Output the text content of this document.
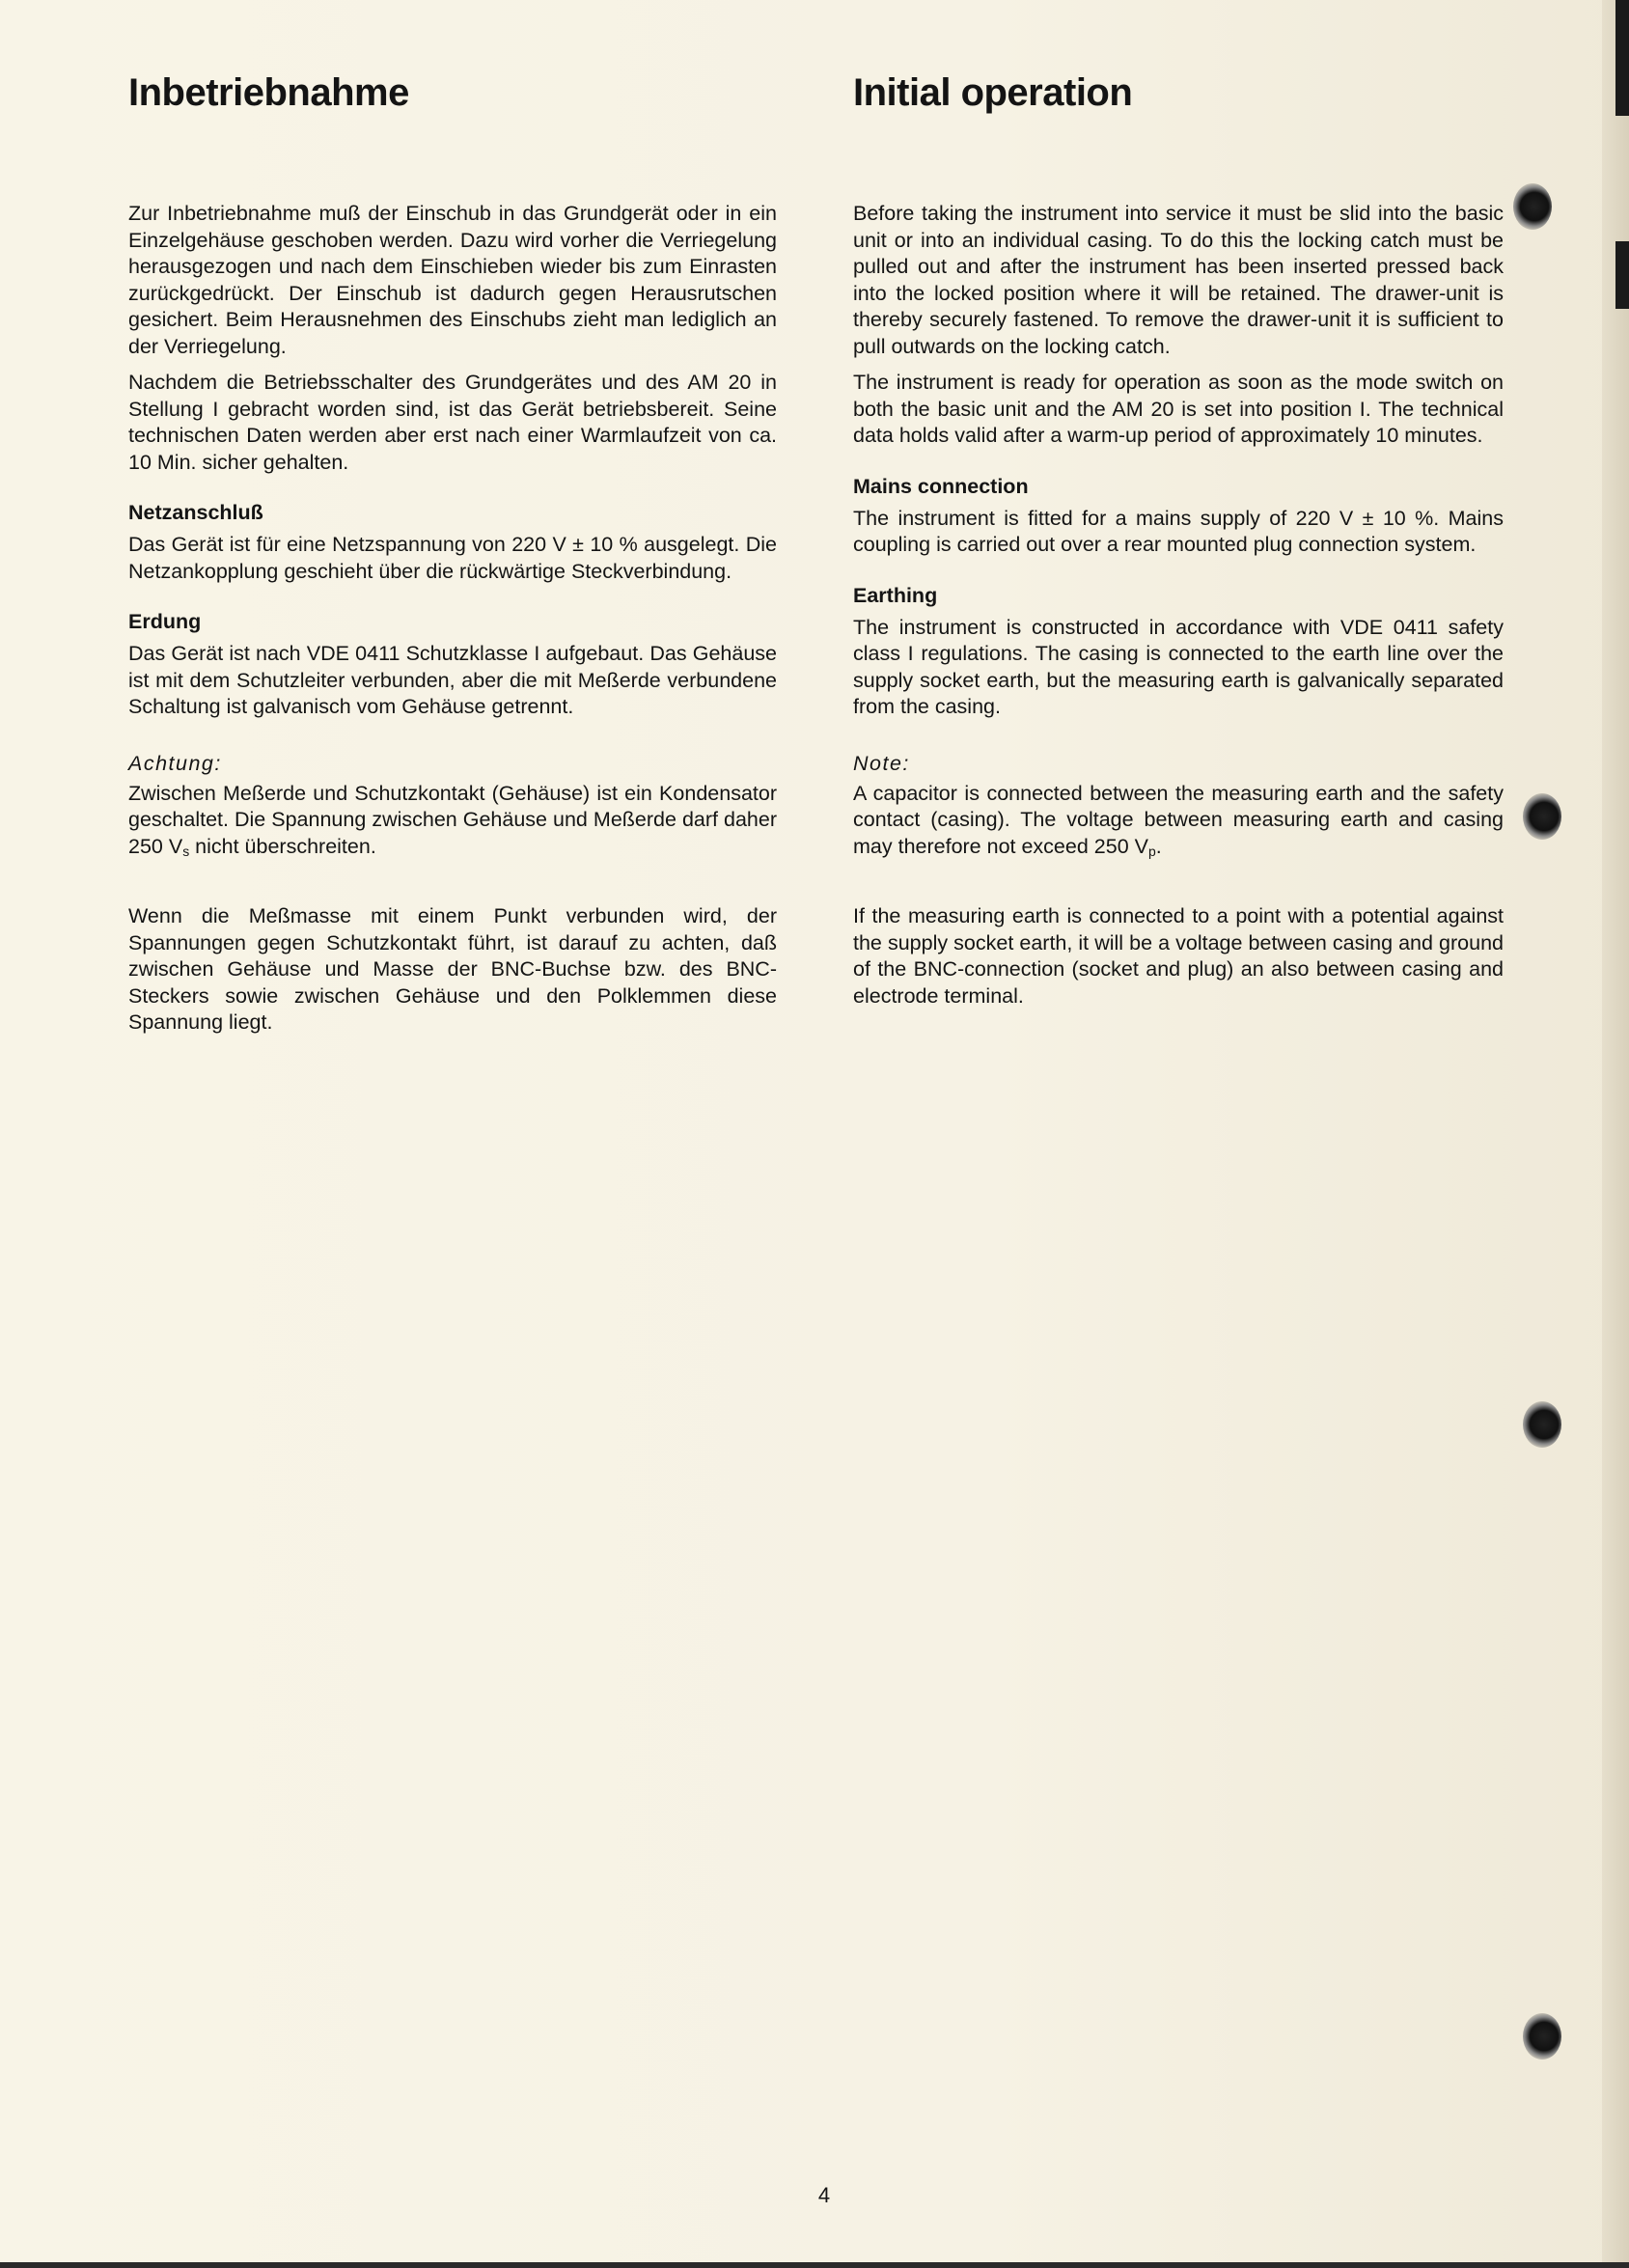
Inbetriebnahme

Zur Inbetriebnahme muß der Einschub in das Grundgerät oder in ein Einzelgehäuse geschoben werden. Dazu wird vorher die Verriegelung herausgezogen und nach dem Einschieben wieder bis zum Einrasten zurückgedrückt. Der Einschub ist dadurch gegen Herausrutschen gesichert. Beim Herausnehmen des Einschubs zieht man lediglich an der Verriegelung.

Nachdem die Betriebsschalter des Grundgerätes und des AM 20 in Stellung I gebracht worden sind, ist das Gerät betriebsbereit. Seine technischen Daten werden aber erst nach einer Warmlaufzeit von ca. 10 Min. sicher gehalten.

Netzanschluß

Das Gerät ist für eine Netzspannung von 220 V ± 10 % ausgelegt. Die Netzankopplung geschieht über die rückwärtige Steckverbindung.

Erdung

Das Gerät ist nach VDE 0411 Schutzklasse I aufgebaut. Das Gehäuse ist mit dem Schutzleiter verbunden, aber die mit Meßerde verbundene Schaltung ist galvanisch vom Gehäuse getrennt.

Achtung:

Zwischen Meßerde und Schutzkontakt (Gehäuse) ist ein Kondensator geschaltet. Die Spannung zwischen Gehäuse und Meßerde darf daher 250 $V_s$ nicht überschreiten.

Wenn die Meßmasse mit einem Punkt verbunden wird, der Spannungen gegen Schutzkontakt führt, ist darauf zu achten, daß zwischen Gehäuse und Masse der BNC-Buchse bzw. des BNC-Steckers sowie zwischen Gehäuse und den Polklemmen diese Spannung liegt.

Initial operation

Before taking the instrument into service it must be slid into the basic unit or into an individual casing. To do this the locking catch must be pulled out and after the instrument has been inserted pressed back into the locked position where it will be retained. The drawer-unit is thereby securely fastened. To remove the drawer-unit it is sufficient to pull outwards on the locking catch.

The instrument is ready for operation as soon as the mode switch on both the basic unit and the AM 20 is set into position I. The technical data holds valid after a warm-up period of approximately 10 minutes.

Mains connection

The instrument is fitted for a mains supply of 220 V ± 10 %. Mains coupling is carried out over a rear mounted plug connection system.

Earthing

The instrument is constructed in accordance with VDE 0411 safety class I regulations. The casing is connected to the earth line over the supply socket earth, but the measuring earth is galvanically separated from the casing.

Note:

A capacitor is connected between the measuring earth and the safety contact (casing). The voltage between measuring earth and casing may therefore not exceed 250 $V_p$.

If the measuring earth is connected to a point with a potential against the supply socket earth, it will be a voltage between casing and ground of the BNC-connection (socket and plug) an also between casing and electrode terminal.

4
